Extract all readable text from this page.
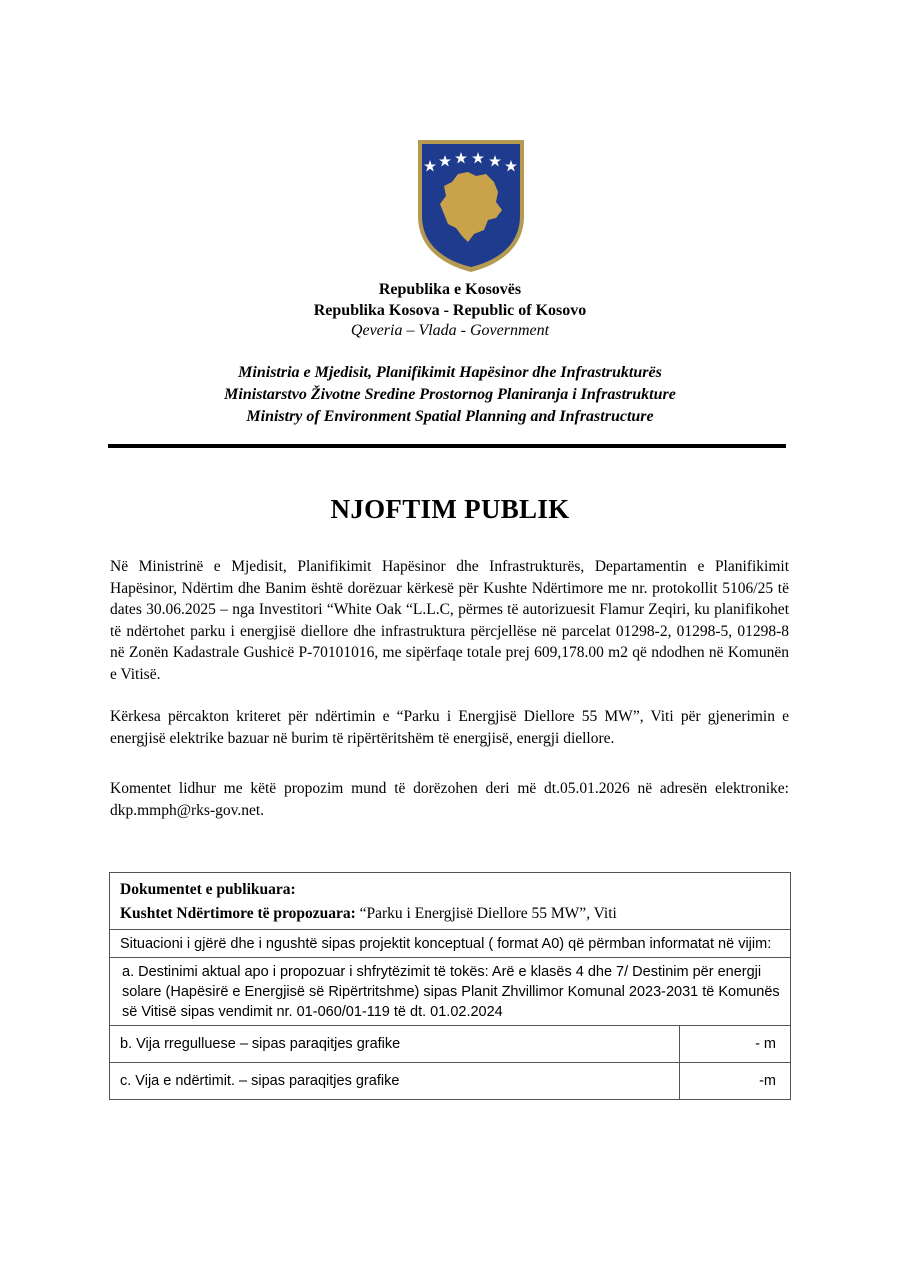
Republika e Kosovës
Republika Kosova - Republic of Kosovo
Qeveria – Vlada - Government
Ministria e Mjedisit, Planifikimit Hapësinor dhe Infrastrukturës
Ministarstvo Životne Sredine Prostornog Planiranja i Infrastrukture
Ministry of Environment Spatial Planning and Infrastructure
NJOFTIM PUBLIK
Në Ministrinë e Mjedisit, Planifikimit Hapësinor dhe Infrastrukturës, Departamentin e Planifikimit Hapësinor, Ndërtim dhe Banim është dorëzuar kërkesë për Kushte Ndërtimore me nr. protokollit 5106/25 të dates 30.06.2025 – nga Investitori “White Oak “L.L.C, përmes të autorizuesit Flamur Zeqiri, ku planifikohet të ndërtohet parku i energjisë diellore dhe infrastruktura përcjellëse në parcelat 01298-2, 01298-5, 01298-8 në Zonën Kadastrale Gushicë P-70101016, me sipërfaqe totale prej 609,178.00 m2 që ndodhen në Komunën e Vitisë.
Kërkesa përcakton kriteret për ndërtimin e “Parku i Energjisë Diellore 55 MW”, Viti për gjenerimin e energjisë elektrike bazuar në burim të ripërtëritshëm të energjisë, energji diellore.
Komentet lidhur me këtë propozim mund të dorëzohen deri më dt.05.01.2026 në adresën elektronike: dkp.mmph@rks-gov.net.
Dokumentet e publikuara:
Kushtet Ndërtimore të propozuara: “Parku i Energjisë Diellore 55 MW”, Viti	

Situacioni i gjërë dhe i ngushtë sipas projektit konceptual ( format A0) që përmban informatat në vijim:	
a. Destinimi aktual apo i propozuar i shfrytëzimit të tokës: Arë e klasës 4 dhe 7/ Destinim për energji solare (Hapësirë e Energjisë së Ripërtritshme) sipas Planit Zhvillimor Komunal 2023-2031 të Komunës së Vitisë sipas vendimit nr. 01-060/01-119 të dt. 01.02.2024	
b. Vija rregulluese – sipas paraqitjes grafike	- m
c. Vija e ndërtimit. – sipas paraqitjes grafike	-m
